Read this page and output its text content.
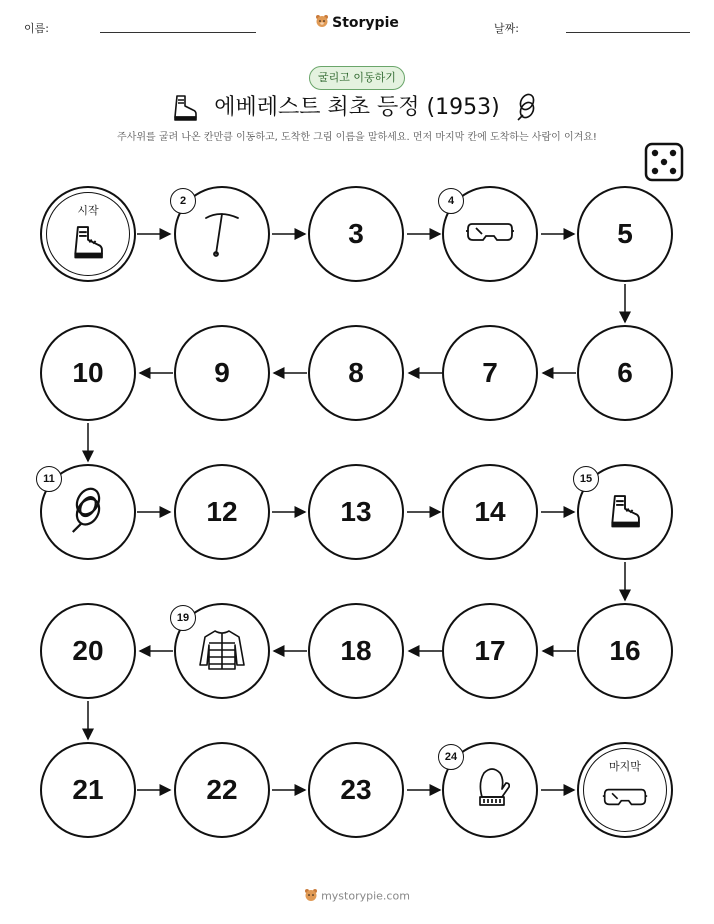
이름:	Storypie	날짜:
굴리고 이동하기
에베레스트 최초 등정 (1953)
주사위를 굴려 나온 칸만큼 이동하고, 도착한 그림 이름을 말하세요. 먼저 마지막 칸에 도착하는 사람이 이겨요!
시작
2
3
4
5
10	9	8	7	6
11
12	13	14
15
20
19
18	17	16
21	22	23
24
마지막
mystorypie.com
